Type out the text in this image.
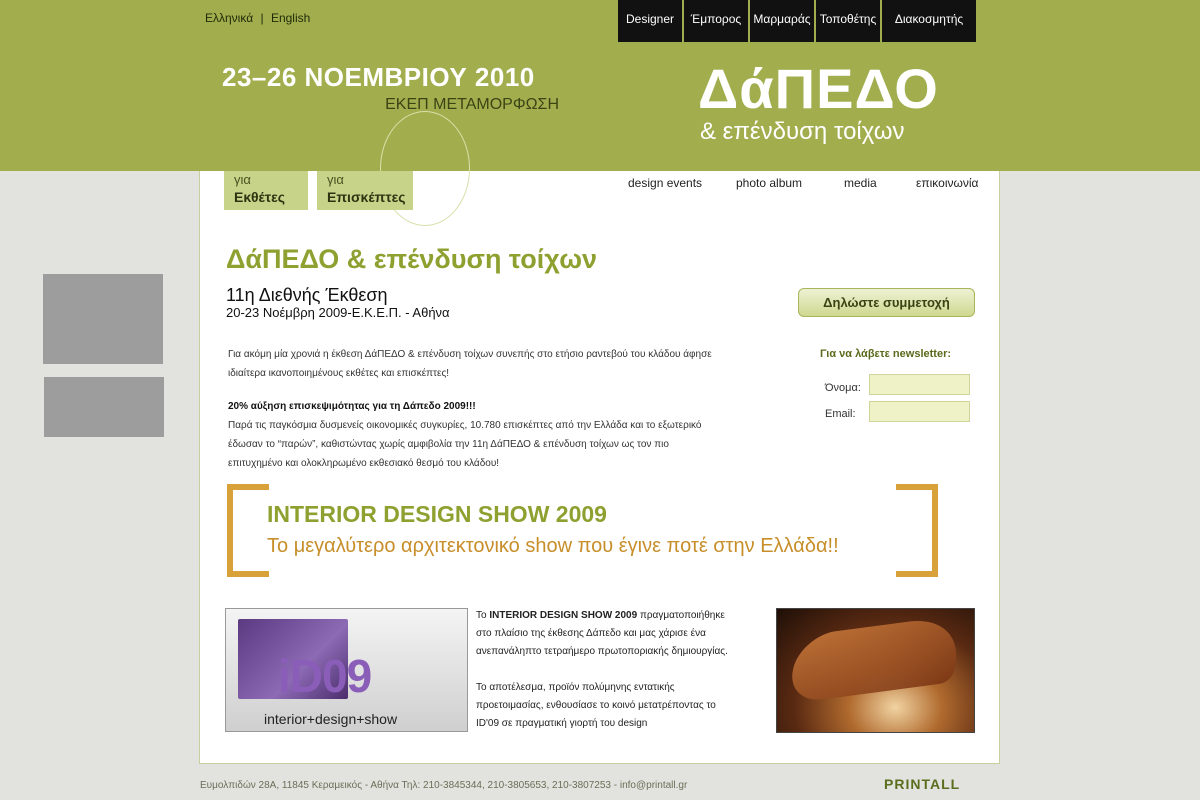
Ελληνικά | English	Designer	Έμπορος	Μαρμαράς Τοποθέτης	Διακοσμητής
23–26 ΝΟΕΜΒΡΙΟΥ 2010
ΕΚΕΠ ΜΕΤΑΜΟΡΦΩΣΗ ΔάΠΕΔΟ
& επένδυση τοίχων
για
Εκθέτες
για
Επισκέπτες
design events	photo album	media	επικοινωνία
ΔάΠΕΔΟ & επένδυση τοίχων
11η Διεθνής Έκθεση
20-23 Νοέμβρη 2009-Ε.Κ.Ε.Π. - Αθήνα
Δηλώστε συμμετοχή
Για ακόμη μία χρονιά η έκθεση ΔάΠΕΔΟ & επένδυση τοίχων συνεπής στο ετήσιο ραντεβού του κλάδου άφησε
ιδιαίτερα ικανοποιημένους εκθέτες και επισκέπτες!
20% αύξηση επισκεψιμότητας για τη Δάπεδο 2009!!!
Παρά τις παγκόσμια δυσμενείς οικονομικές συγκυρίες, 10.780 επισκέπτες από την Ελλάδα και το εξωτερικό
έδωσαν το “παρών”, καθιστώντας χωρίς αμφιβολία την 11η ΔάΠΕΔΟ & επένδυση τοίχων ως τον πιο
επιτυχημένο και ολοκληρωμένο εκθεσιακό θεσμό του κλάδου!
Για να λάβετε newsletter:
Όνομα:
Email:
INTERIOR DESIGN SHOW 2009
Το μεγαλύτερο αρχιτεκτονικό show που έγινε ποτέ στην Ελλάδα!!
iD09
interior+design+show
Το INTERIOR DESIGN SHOW 2009 πραγματοποιήθηκε
στο πλαίσιο της έκθεσης Δάπεδο και μας χάρισε ένα
ανεπανάληπτο τετραήμερο πρωτοποριακής δημιουργίας.
Το αποτέλεσμα, προϊόν πολύμηνης εντατικής
προετοιμασίας, ενθουσίασε το κοινό μετατρέποντας το
ID'09 σε πραγματική γιορτή του design
Ευμολπιδών 28Α, 11845 Κεραμεικός - Αθήνα Τηλ: 210-3845344, 210-3805653, 210-3807253 - info@printall.gr	PRINTALL
